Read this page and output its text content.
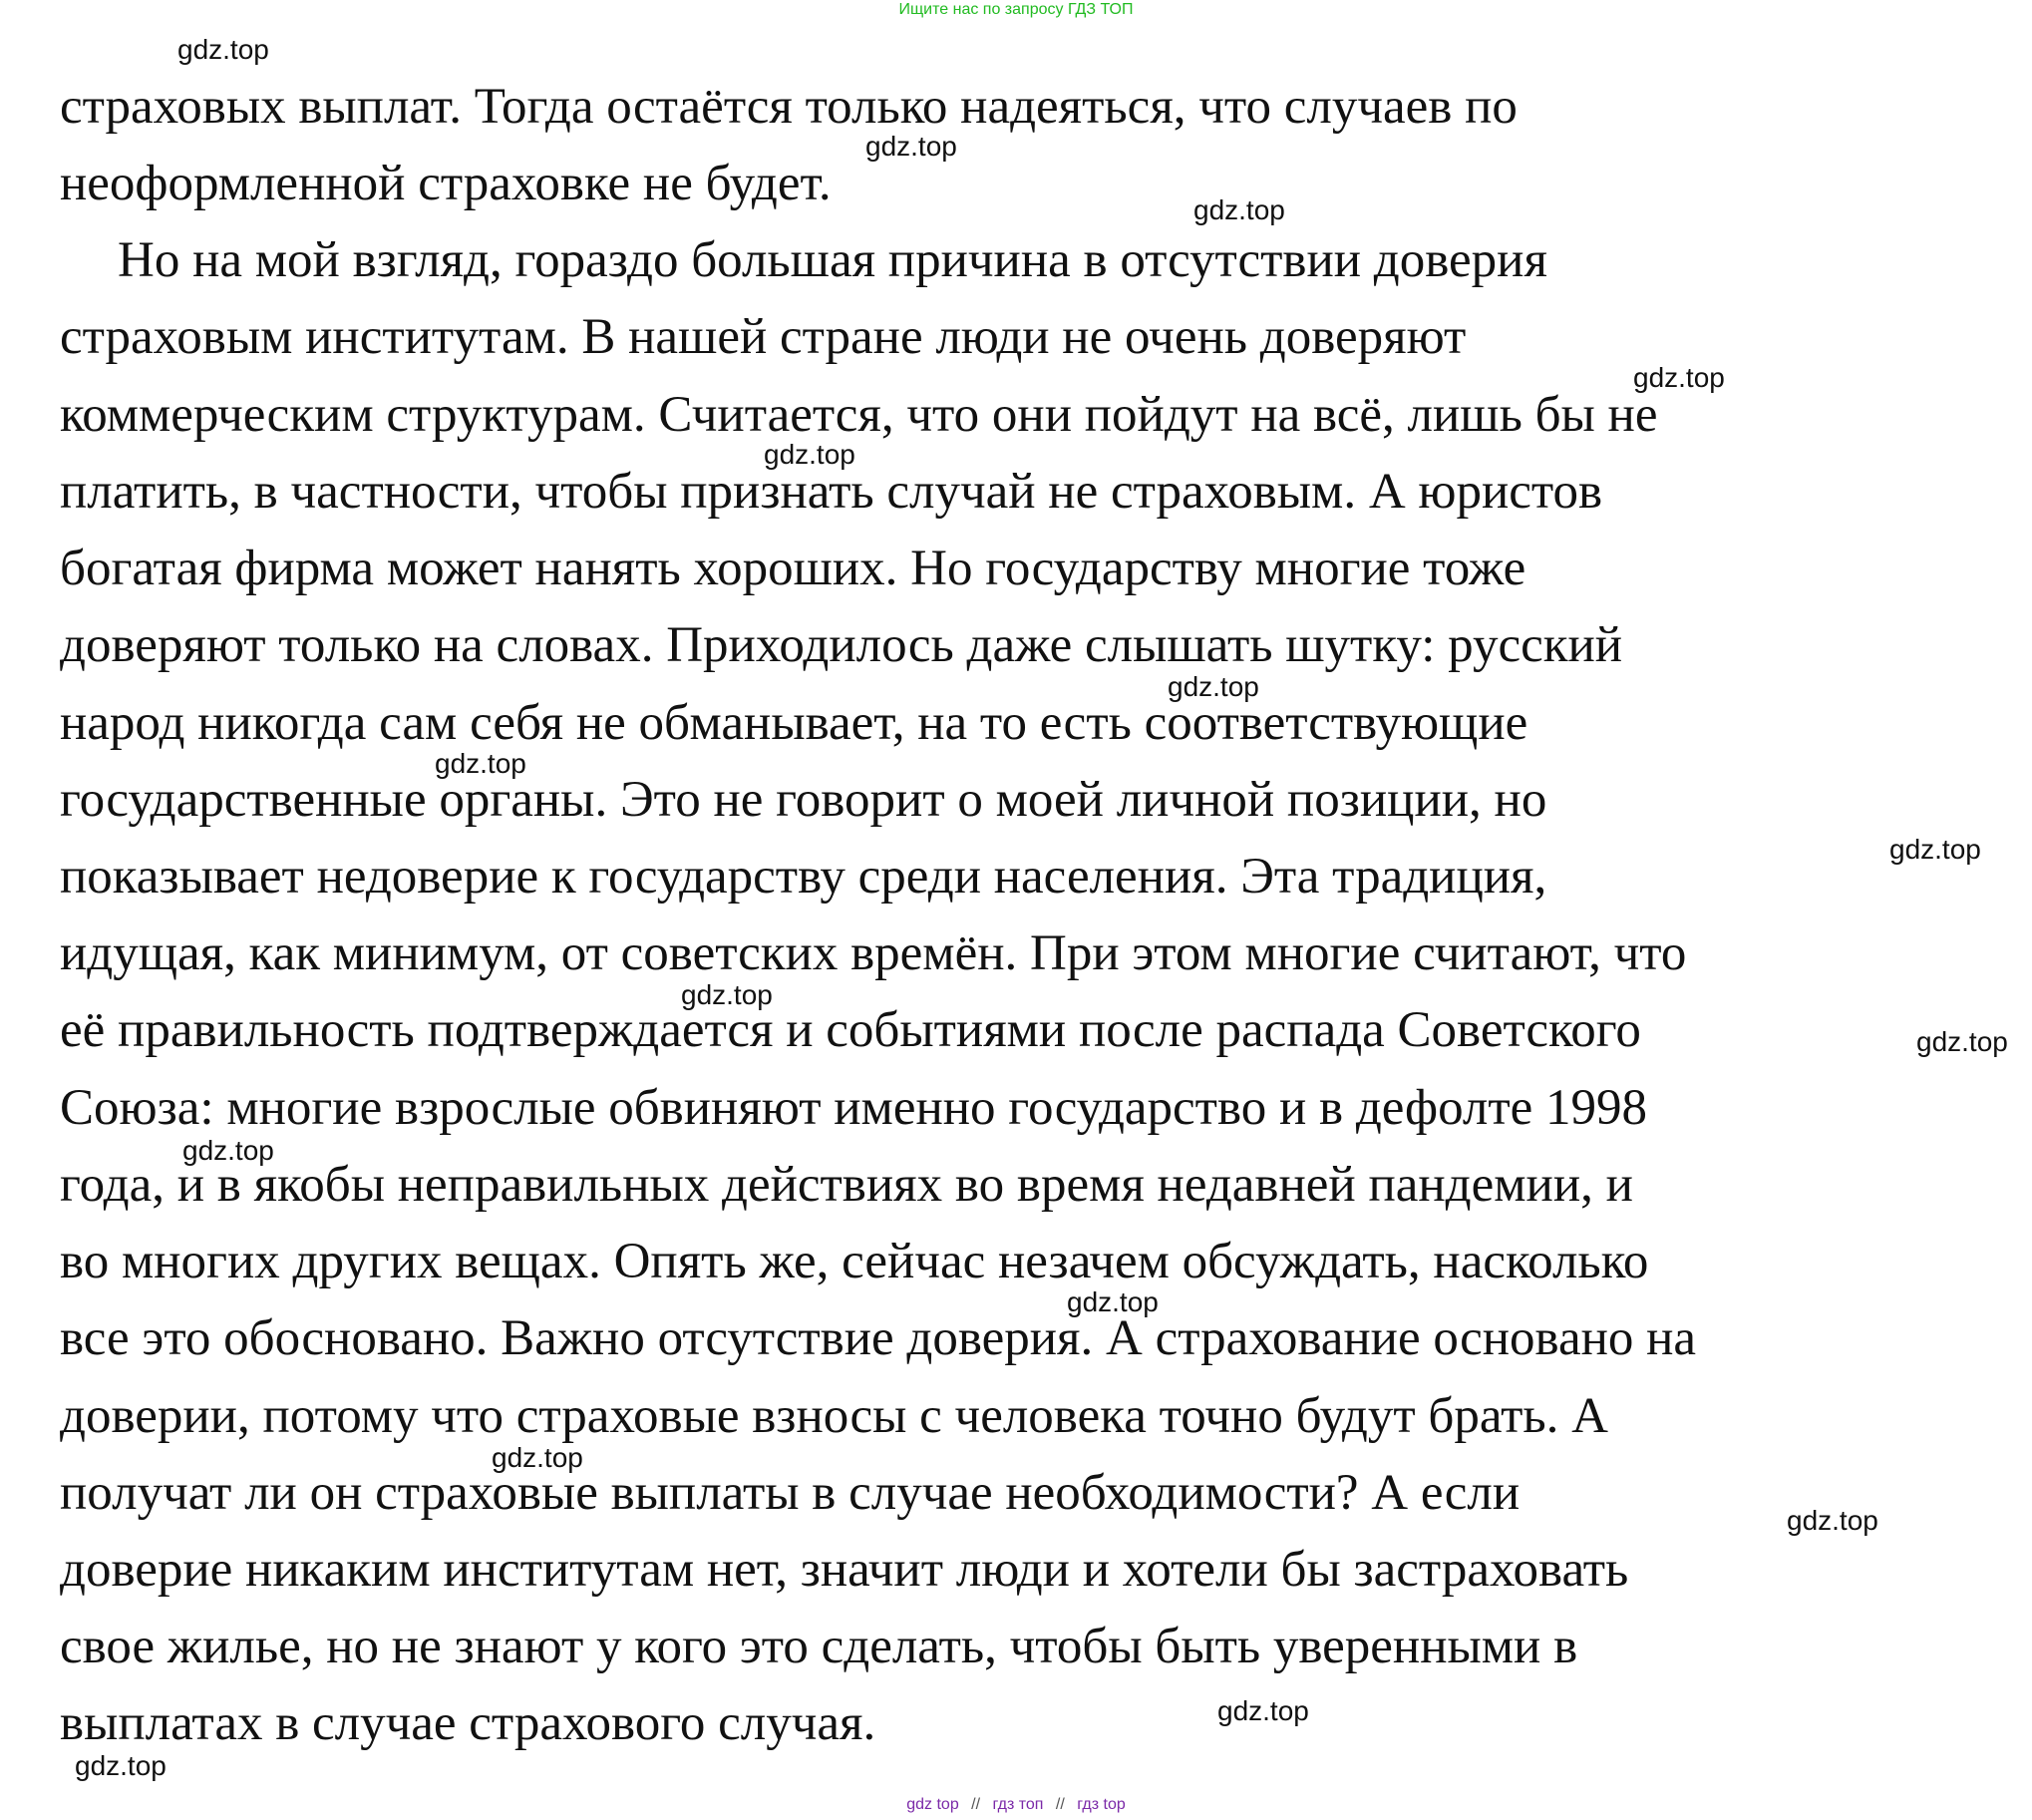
Ищите нас по запросу ГДЗ ТОП
страховых выплат. Тогда остаётся только надеяться, что случаев по
неоформленной страховке не будет.
Но на мой взгляд, гораздо большая причина в отсутствии доверия
страховым институтам. В нашей стране люди не очень доверяют
коммерческим структурам. Считается, что они пойдут на всё, лишь бы не
платить, в частности, чтобы признать случай не страховым. А юристов
богатая фирма может нанять хороших. Но государству многие тоже
доверяют только на словах. Приходилось даже слышать шутку: русский
народ никогда сам себя не обманывает, на то есть соответствующие
государственные органы. Это не говорит о моей личной позиции, но
показывает недоверие к государству среди населения. Эта традиция,
идущая, как минимум, от советских времён. При этом многие считают, что
её правильность подтверждается и событиями после распада Советского
Союза: многие взрослые обвиняют именно государство и в дефолте 1998
года, и в якобы неправильных действиях во время недавней пандемии, и
во многих других вещах. Опять же, сейчас незачем обсуждать, насколько
все это обосновано. Важно отсутствие доверия. А страхование основано на
доверии, потому что страховые взносы с человека точно будут брать. А
получат ли он страховые выплаты в случае необходимости? А если
доверие никаким институтам нет, значит люди и хотели бы застраховать
свое жилье, но не знают у кого это сделать, чтобы быть уверенными в
выплатах в случае страхового случая.
gdz.top
gdz.top
gdz.top
gdz.top
gdz.top
gdz.top
gdz.top
gdz.top
gdz.top
gdz.top
gdz.top
gdz.top
gdz.top
gdz.top
gdz.top
gdz.top
gdz top // гдз топ // гдз top
